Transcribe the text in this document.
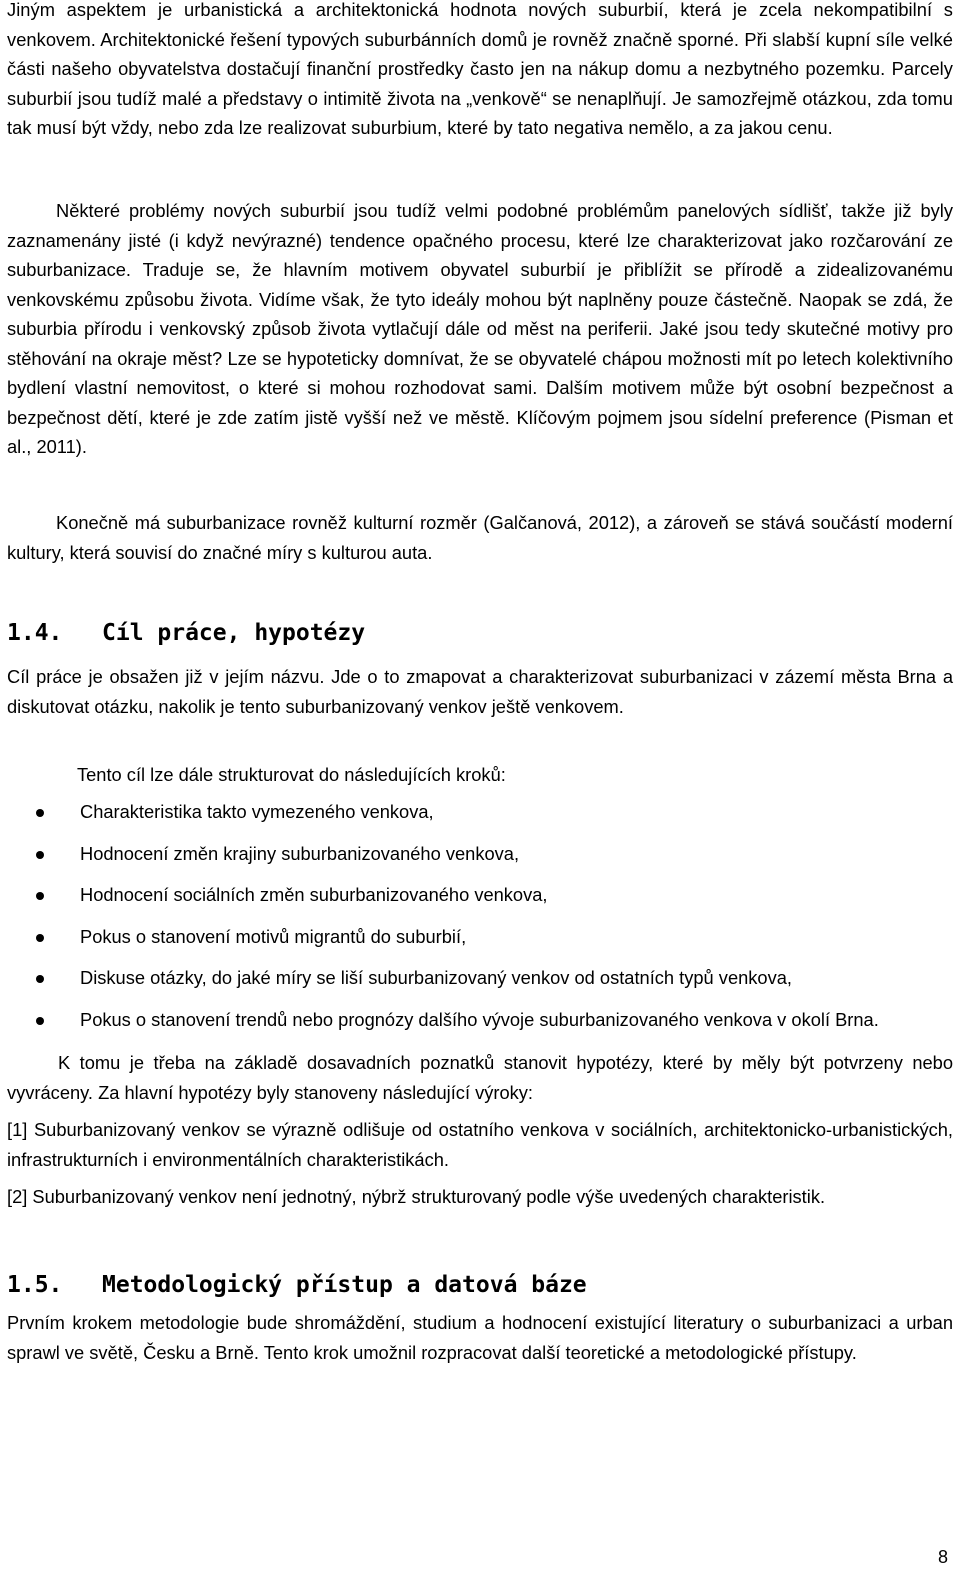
Jiným aspektem je urbanistická a architektonická hodnota nových suburbií, která je zcela nekompatibilní s venkovem. Architektonické řešení typových suburbánních domů je rovněž značně sporné. Při slabší kupní síle velké části našeho obyvatelstva dostačují finanční prostředky často jen na nákup domu a nezbytného pozemku. Parcely suburbií jsou tudíž malé a představy o intimitě života na „venkově“ se nenaplňují. Je samozřejmě otázkou, zda tomu tak musí být vždy, nebo zda lze realizovat suburbium, které by tato negativa nemělo, a za jakou cenu.

Některé problémy nových suburbií jsou tudíž velmi podobné problémům panelových sídlišť, takže již byly zaznamenány jisté (i když nevýrazné) tendence opačného procesu, které lze charakterizovat jako rozčarování ze suburbanizace. Traduje se, že hlavním motivem obyvatel suburbií je přiblížit se přírodě a zidealizovanému venkovskému způsobu života. Vidíme však, že tyto ideály mohou být naplněny pouze částečně. Naopak se zdá, že suburbia přírodu i venkovský způsob života vytlačují dále od měst na periferii. Jaké jsou tedy skutečné motivy pro stěhování na okraje měst? Lze se hypoteticky domnívat, že se obyvatelé chápou možnosti mít po letech kolektivního bydlení vlastní nemovitost, o které si mohou rozhodovat sami. Dalším motivem může být osobní bezpečnost a bezpečnost dětí, které je zde zatím jistě vyšší než ve městě. Klíčovým pojmem jsou sídelní preference (Pisman et al., 2011).

Konečně má suburbanizace rovněž kulturní rozměr (Galčanová, 2012), a zároveň se stává součástí moderní kultury, která souvisí do značné míry s kulturou auta.

1.4. Cíl práce, hypotézy

Cíl práce je obsažen již v jejím názvu. Jde o to zmapovat a charakterizovat suburbanizaci v zázemí města Brna a diskutovat otázku, nakolik je tento suburbanizovaný venkov ještě venkovem.

Tento cíl lze dále strukturovat do následujících kroků:

Charakteristika takto vymezeného venkova,
Hodnocení změn krajiny suburbanizovaného venkova,
Hodnocení sociálních změn suburbanizovaného venkova,
Pokus o stanovení motivů migrantů do suburbií,
Diskuse otázky, do jaké míry se liší suburbanizovaný venkov od ostatních typů venkova,
Pokus o stanovení trendů nebo prognózy dalšího vývoje suburbanizovaného venkova v okolí Brna.

K tomu je třeba na základě dosavadních poznatků stanovit hypotézy, které by měly být potvrzeny nebo vyvráceny. Za hlavní hypotézy byly stanoveny následující výroky:

[1] Suburbanizovaný venkov se výrazně odlišuje od ostatního venkova v sociálních, architektonicko-urbanistických, infrastrukturních i environmentálních charakteristikách.

[2] Suburbanizovaný venkov není jednotný, nýbrž strukturovaný podle výše uvedených charakteristik.

1.5. Metodologický přístup a datová báze

Prvním krokem metodologie bude shromáždění, studium a hodnocení existující literatury o suburbanizaci a urban sprawl ve světě, Česku a Brně. Tento krok umožnil rozpracovat další teoretické a metodologické přístupy.

8
